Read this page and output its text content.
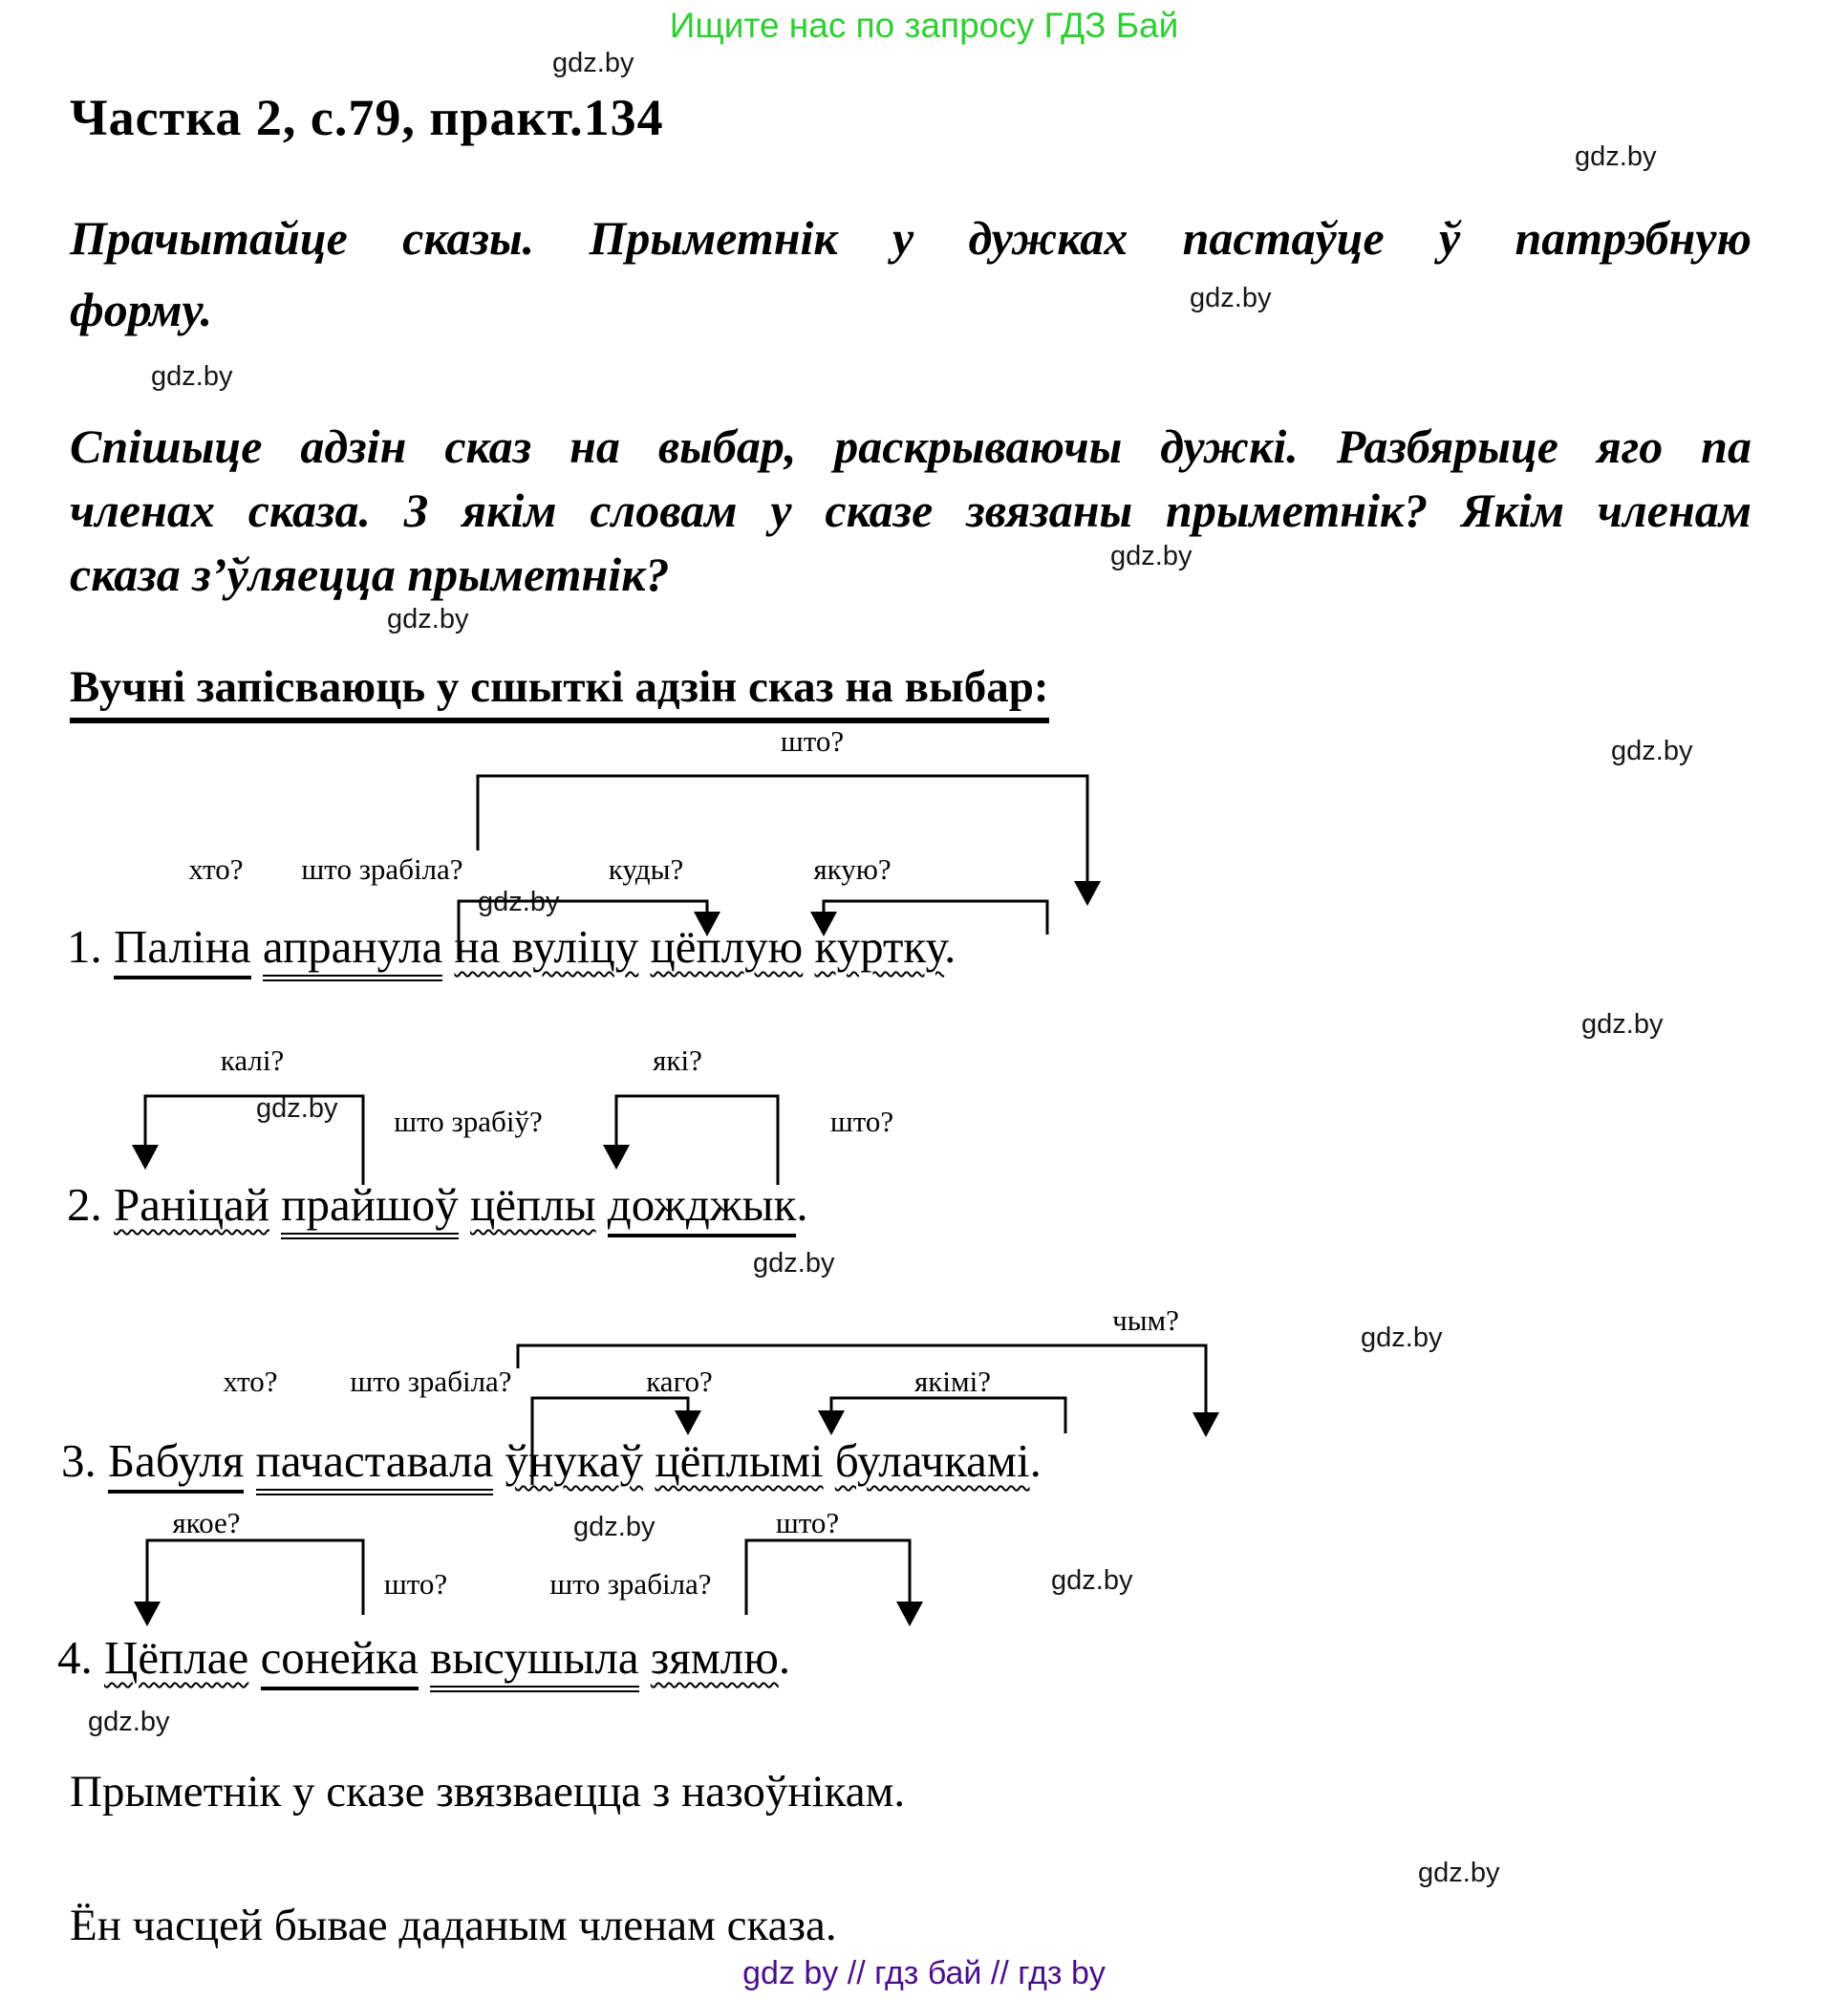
Ищите нас по запросу ГДЗ Бай
gdz.by
gdz.by
gdz.by
gdz.by
gdz.by
gdz.by
gdz.by
gdz.by
gdz.by
gdz.by
gdz.by
gdz.by
gdz.by
gdz.by
gdz.by
gdz.by
Частка 2, с.79, практ.134
Прачытайце сказы. Прыметнік у дужках пастаўце ў патрэбную
форму.
Спішыце адзін сказ на выбар, раскрываючы дужкі. Разбярыце яго па
членах сказа. З якім словам у сказе звязаны прыметнік? Якім членам
сказа з’ўляецца прыметнік?
Вучні запісваюць у сшыткі адзін сказ на выбар:
што?
хто? што зрабіла?	куды?	якую?
1. Паліна апранула на вуліцу цёплую куртку.
калі?	які?
што зрабіў?	што?
2. Раніцай прайшоў цёплы дожджык.
чым?
хто? што зрабіла?	каго?	якімі?
3. Бабуля пачаставала ўнукаў цёплымі булачкамі.
якое?	што?
што?	што зрабіла?
4. Цёплае сонейка высушыла зямлю.
Прыметнік у сказе звязваецца з назоўнікам.
Ён часцей бывае даданым членам сказа.
gdz by // гдз бай // гдз by
